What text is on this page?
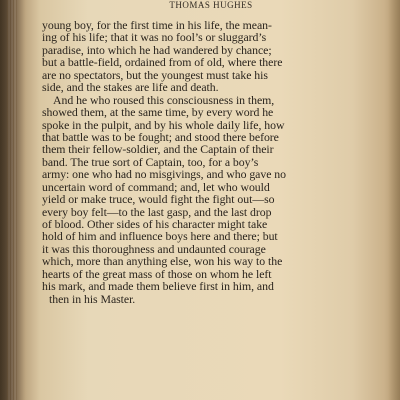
THOMAS HUGHES
young boy, for the first time in his life, the mean-
ing of his life; that it was no fool’s or sluggard’s
paradise, into which he had wandered by chance;
but a battle-field, ordained from of old, where there
are no spectators, but the youngest must take his
side, and the stakes are life and death.
And he who roused this consciousness in them,
showed them, at the same time, by every word he
spoke in the pulpit, and by his whole daily life, how
that battle was to be fought; and stood there before
them their fellow-soldier, and the Captain of their
band. The true sort of Captain, too, for a boy’s
army: one who had no misgivings, and who gave no
uncertain word of command; and, let who would
yield or make truce, would fight the fight out—so
every boy felt—to the last gasp, and the last drop
of blood. Other sides of his character might take
hold of him and influence boys here and there; but
it was this thoroughness and undaunted courage
which, more than anything else, won his way to the
hearts of the great mass of those on whom he left
his mark, and made them believe first in him, and
then in his Master.
